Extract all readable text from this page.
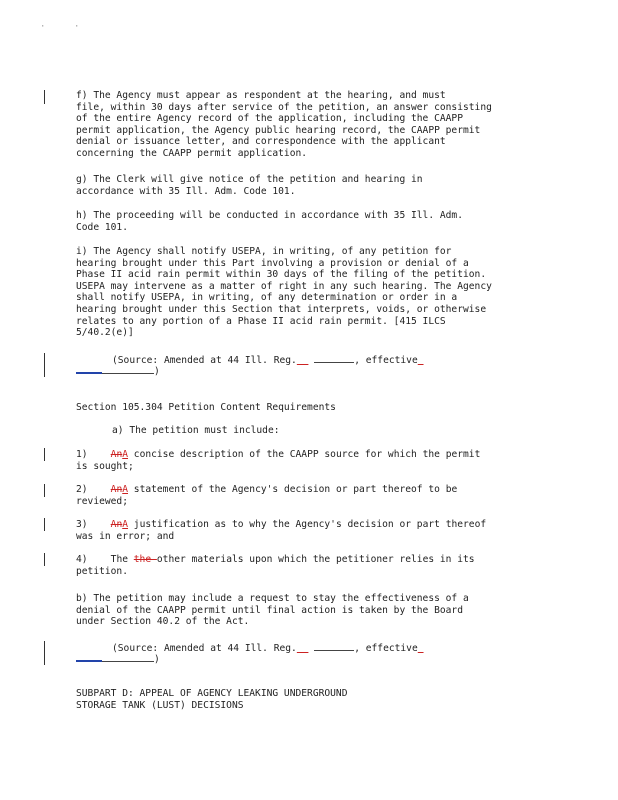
·	·
f) The Agency must appear as respondent at the hearing, and must
file, within 30 days after service of the petition, an answer consisting
of the entire Agency record of the application, including the CAAPP
permit application, the Agency public hearing record, the CAAPP permit
denial or issuance letter, and correspondence with the applicant
concerning the CAAPP permit application.
g) The Clerk will give notice of the petition and hearing in
accordance with 35 Ill. Adm. Code 101.
h) The proceeding will be conducted in accordance with 35 Ill. Adm.
Code 101.
i) The Agency shall notify USEPA, in writing, of any petition for
hearing brought under this Part involving a provision or denial of a
Phase II acid rain permit within 30 days of the filing of the petition.
USEPA may intervene as a matter of right in any such hearing. The Agency
shall notify USEPA, in writing, of any determination or order in a
hearing brought under this Section that interprets, voids, or otherwise
relates to any portion of a Phase II acid rain permit. [415 ILCS
5/40.2(e)]
(Source: Amended at 44 Ill. Reg.	, effective
)
Section 105.304 Petition Content Requirements
a) The petition must include:
1) AnA concise description of the CAAPP source for which the permit
is sought;
2) AnA statement of the Agency's decision or part thereof to be
reviewed;
3) AnA justification as to why the Agency's decision or part thereof
was in error; and
4) The the other materials upon which the petitioner relies in its
petition.
b) The petition may include a request to stay the effectiveness of a
denial of the CAAPP permit until final action is taken by the Board
under Section 40.2 of the Act.
(Source: Amended at 44 Ill. Reg.	, effective
)
SUBPART D: APPEAL OF AGENCY LEAKING UNDERGROUND
STORAGE TANK (LUST) DECISIONS
